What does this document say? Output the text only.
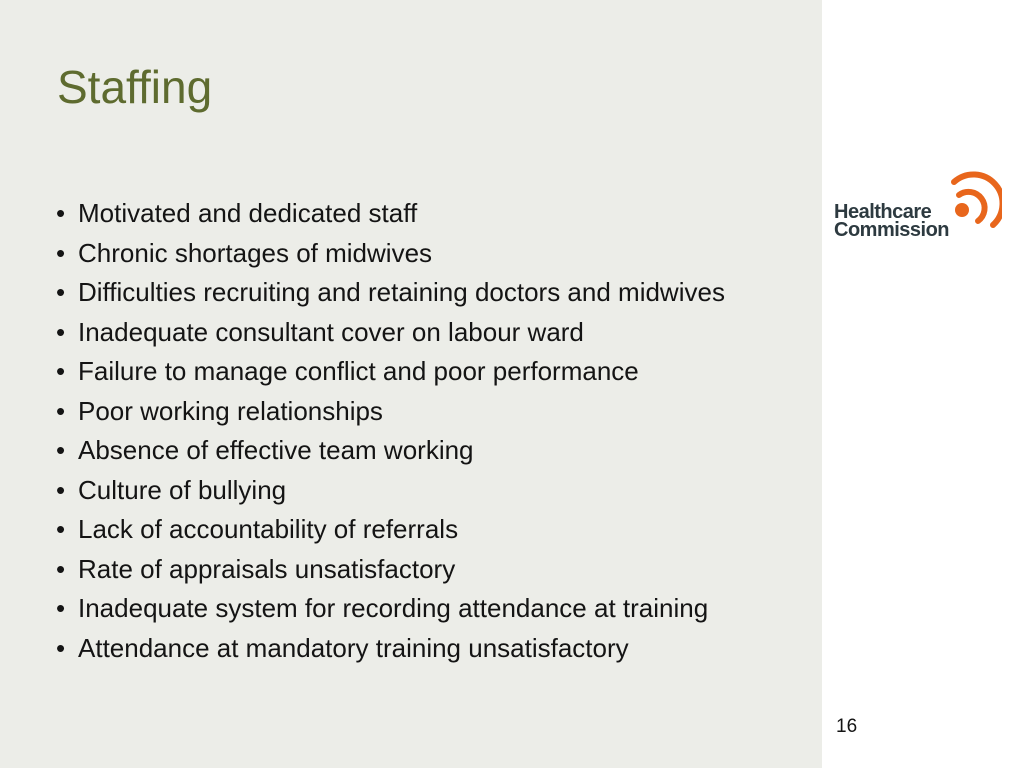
Staffing
• Motivated and dedicated staff
• Chronic shortages of midwives
• Difficulties recruiting and retaining doctors and midwives
• Inadequate consultant cover on labour ward
• Failure to manage conflict and poor performance
• Poor working relationships
• Absence of effective team working
• Culture of bullying
• Lack of accountability of referrals
• Rate of appraisals unsatisfactory
• Inadequate system for recording attendance at training
• Attendance at mandatory training unsatisfactory
Healthcare
Commission
16
